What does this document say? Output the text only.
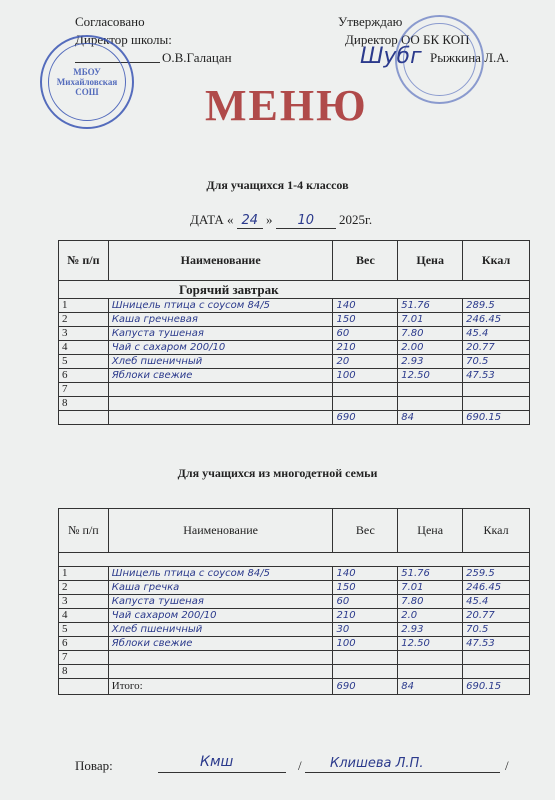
Согласовано
Директор школы:
О.В.Галацан
Утверждаю
Директор ОО БК КОП
Рыжкина Л.А.
Шубг
МБОУ Михайловская СОШ	МЕНЮ
Для учащихся 1-4 классов
ДАТА « 24 » 10 2025г.
№ п/п	Наименование	Вес	Цена	Ккал
Горячий завтрак				
1	Шницель птица с соусом 84/5	140	51.76	289.5
2	Каша гречневая	150	7.01	246.45
3	Капуста тушеная	60	7.80	45.4
4	Чай с сахаром 200/10	210	2.00	20.77
5	Хлеб пшеничный	20	2.93	70.5
6	Яблоки свежие	100	12.50	47.53
7				
8				
		690	84	690.15
Для учащихся из многодетной семьи
№ п/п	Наименование	Вес	Цена	Ккал

1	Шницель птица с соусом 84/5	140	51.76	259.5
2	Каша гречка	150	7.01	246.45
3	Капуста тушеная	60	7.80	45.4
4	Чай сахаром 200/10	210	2.0	20.77
5	Хлеб пшеничный	30	2.93	70.5
6	Яблоки свежие	100	12.50	47.53
7				
8				
	Итого:	690	84	690.15
Повар:	Кмш	/ Клишева Л.П.	/
